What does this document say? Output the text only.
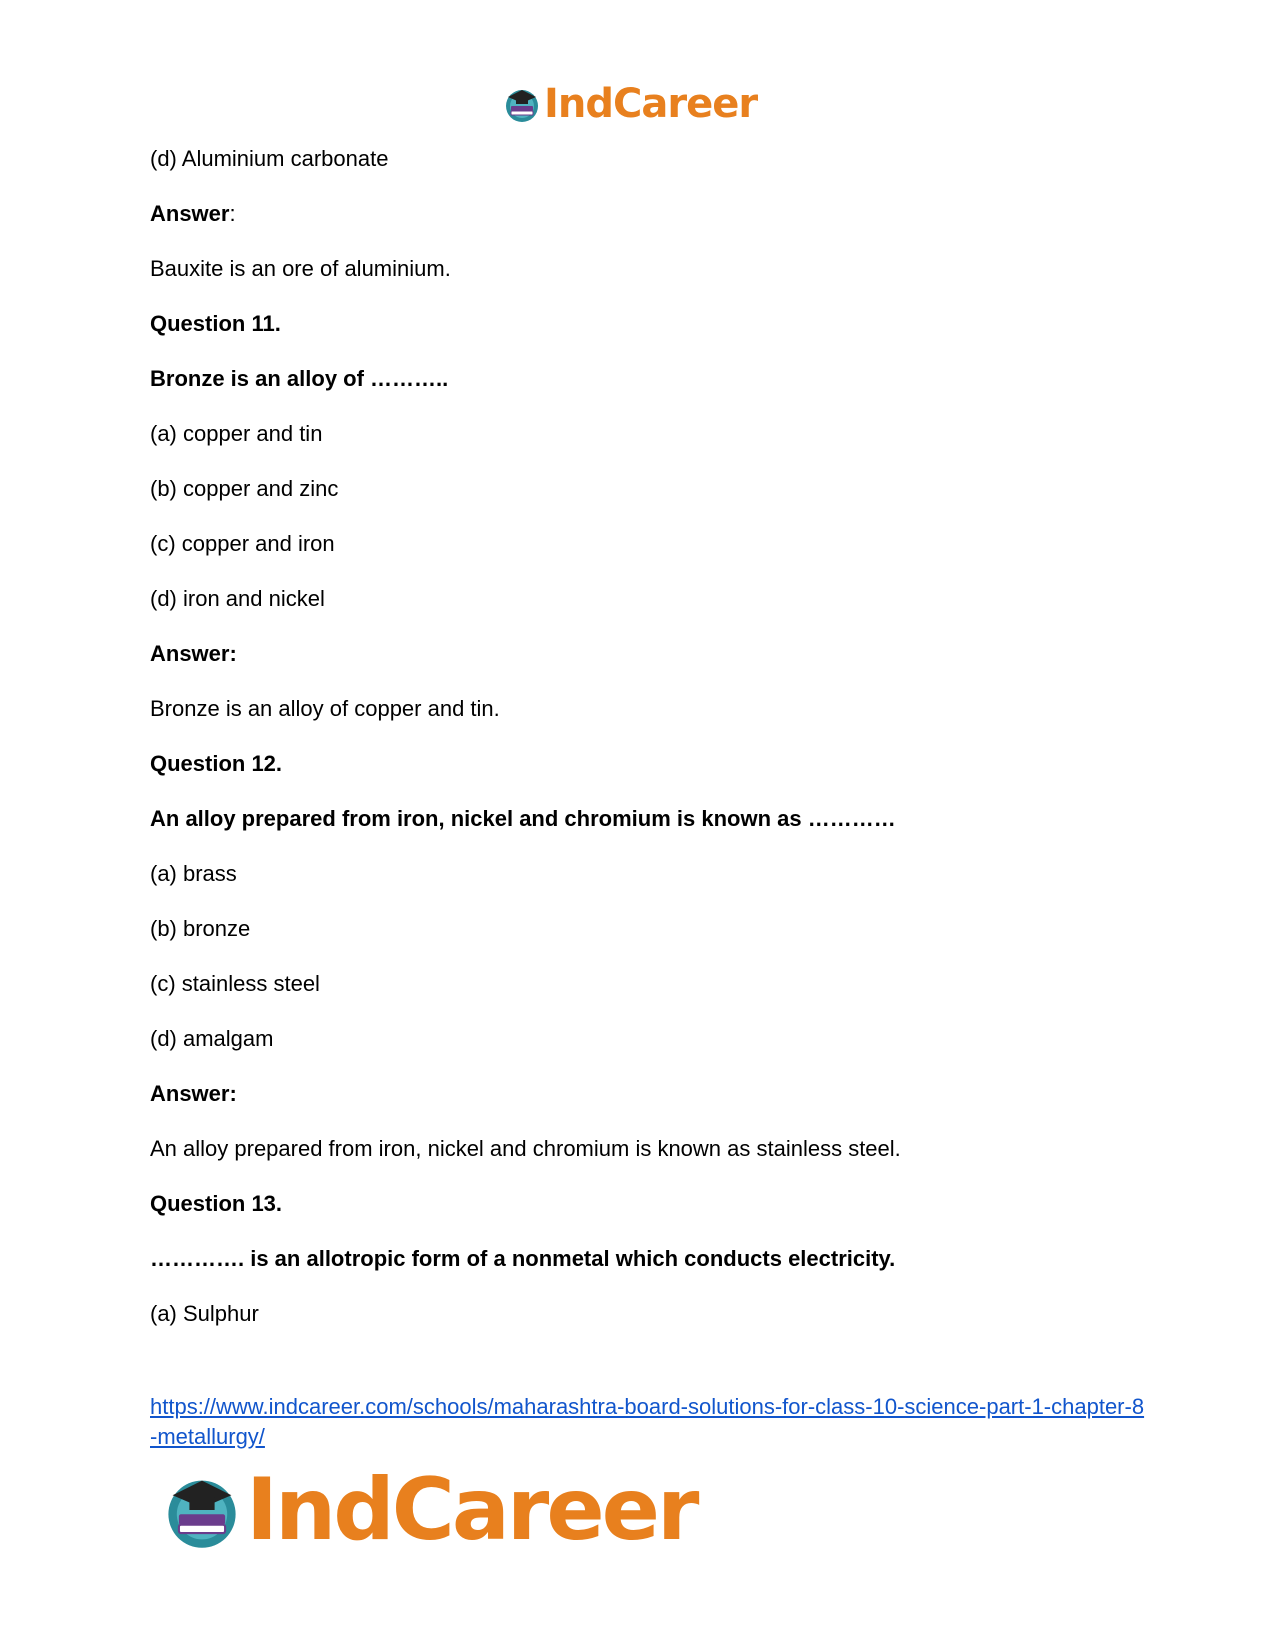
IndCareer
(d) Aluminium carbonate
Answer:
Bauxite is an ore of aluminium.
Question 11.
Bronze is an alloy of ………..
(a) copper and tin
(b) copper and zinc
(c) copper and iron
(d) iron and nickel
Answer:
Bronze is an alloy of copper and tin.
Question 12.
An alloy prepared from iron, nickel and chromium is known as …………
(a) brass
(b) bronze
(c) stainless steel
(d) amalgam
Answer:
An alloy prepared from iron, nickel and chromium is known as stainless steel.
Question 13.
…………. is an allotropic form of a nonmetal which conducts electricity.
(a) Sulphur
https://www.indcareer.com/schools/maharashtra-board-solutions-for-class-10-science-part-1-chapter-8-metallurgy/
IndCareer
